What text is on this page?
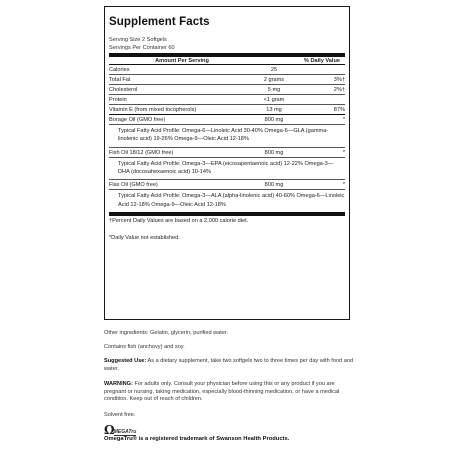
Supplement Facts
Serving Size 2 Softgels
Servings Per Container 60
Amount Per Serving	% Daily Value
Calories	25
Total Fat	2 grams	3%†
Cholesterol	5 mg	2%†
Protein	<1 gram
Vitamin E (from mixed tocopherols)	13 mg	87%
Borage Oil (GMO free)	800 mg	*
Typical Fatty Acid Profile: Omega-6—Linoleic Acid 30-40% Omega-6—GLA (gamma-linolenic acid) 19-26% Omega-9—Oleic Acid 12-18%
Fish Oil 18/12 (GMO free)	800 mg	*
Typical Fatty Acid Profile: Omega-3—EPA (eicosapentaenoic acid) 12-22% Omega-3—DHA (docosahexaenoic acid) 10-14%
Flax Oil (GMO free)	800 mg	*
Typical Fatty Acid Profile: Omega-3—ALA (alpha-linolenic acid) 40-60% Omega-6—Linoleic Acid 12-18% Omega-9—Oleic Acid 12-18%
†Percent Daily Values are based on a 2,000 calorie diet.
*Daily Value not established.
Other ingredients: Gelatin, glycerin, purified water.
Contains fish (anchovy) and soy.
Suggested Use: As a dietary supplement, take two softgels two to three times per day with food and water.
WARNING: For adults only. Consult your physician before using this or any product if you are pregnant or nursing, taking medication, especially blood-thinning medication, or have a medical condition. Keep out of reach of children.
Solvent free.
Ω MEGATru
OmegaTru® is a registered trademark of Swanson Health Products.
